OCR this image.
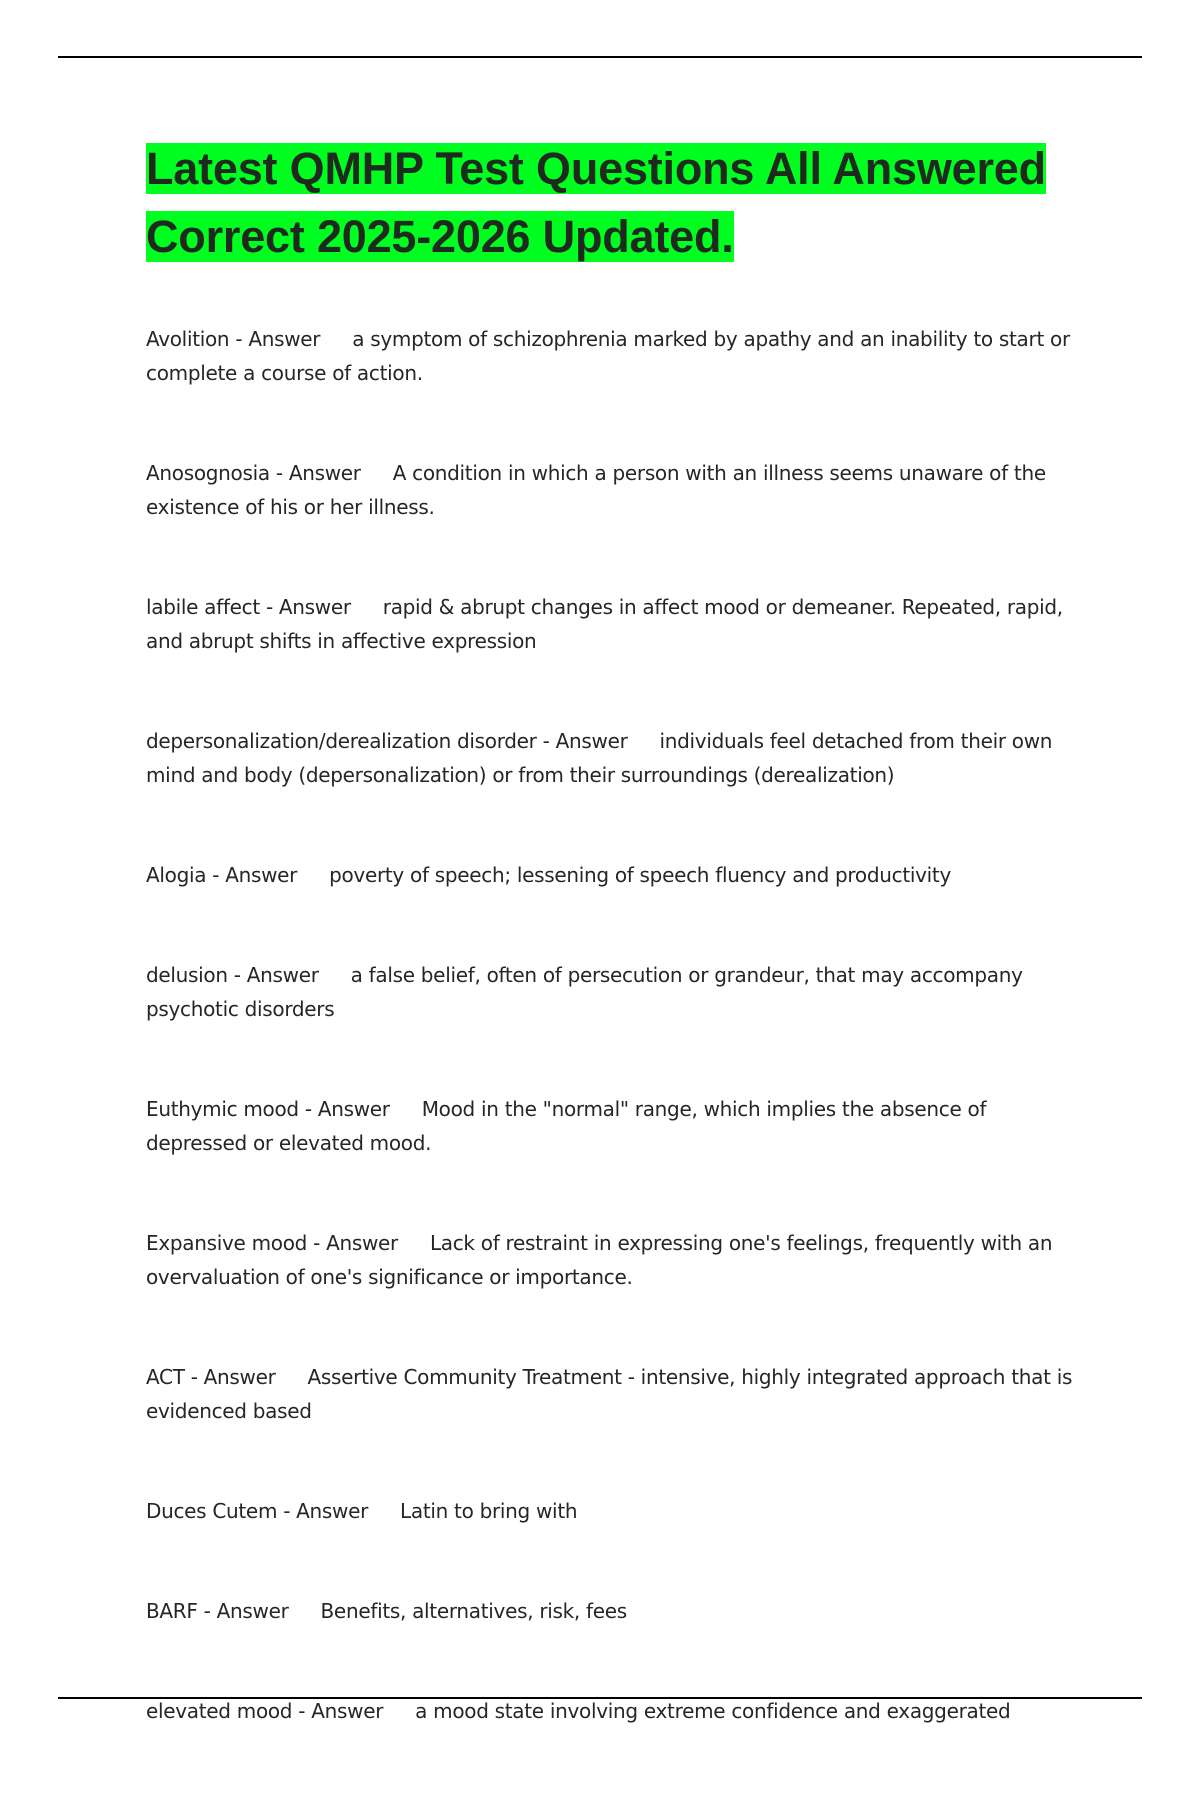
Latest QMHP Test Questions All Answered Correct 2025-2026 Updated.
Avolition - Answer a symptom of schizophrenia marked by apathy and an inability to start or complete a course of action.
Anosognosia - Answer A condition in which a person with an illness seems unaware of the existence of his or her illness.
labile affect - Answer rapid & abrupt changes in affect mood or demeaner. Repeated, rapid, and abrupt shifts in affective expression
depersonalization/derealization disorder - Answer individuals feel detached from their own mind and body (depersonalization) or from their surroundings (derealization)
Alogia - Answer poverty of speech; lessening of speech fluency and productivity
delusion - Answer a false belief, often of persecution or grandeur, that may accompany psychotic disorders
Euthymic mood - Answer Mood in the "normal" range, which implies the absence of depressed or elevated mood.
Expansive mood - Answer Lack of restraint in expressing one's feelings, frequently with an overvaluation of one's significance or importance.
ACT - Answer Assertive Community Treatment - intensive, highly integrated approach that is evidenced based
Duces Cutem - Answer Latin to bring with
BARF - Answer Benefits, alternatives, risk, fees
elevated mood - Answer a mood state involving extreme confidence and exaggerated
